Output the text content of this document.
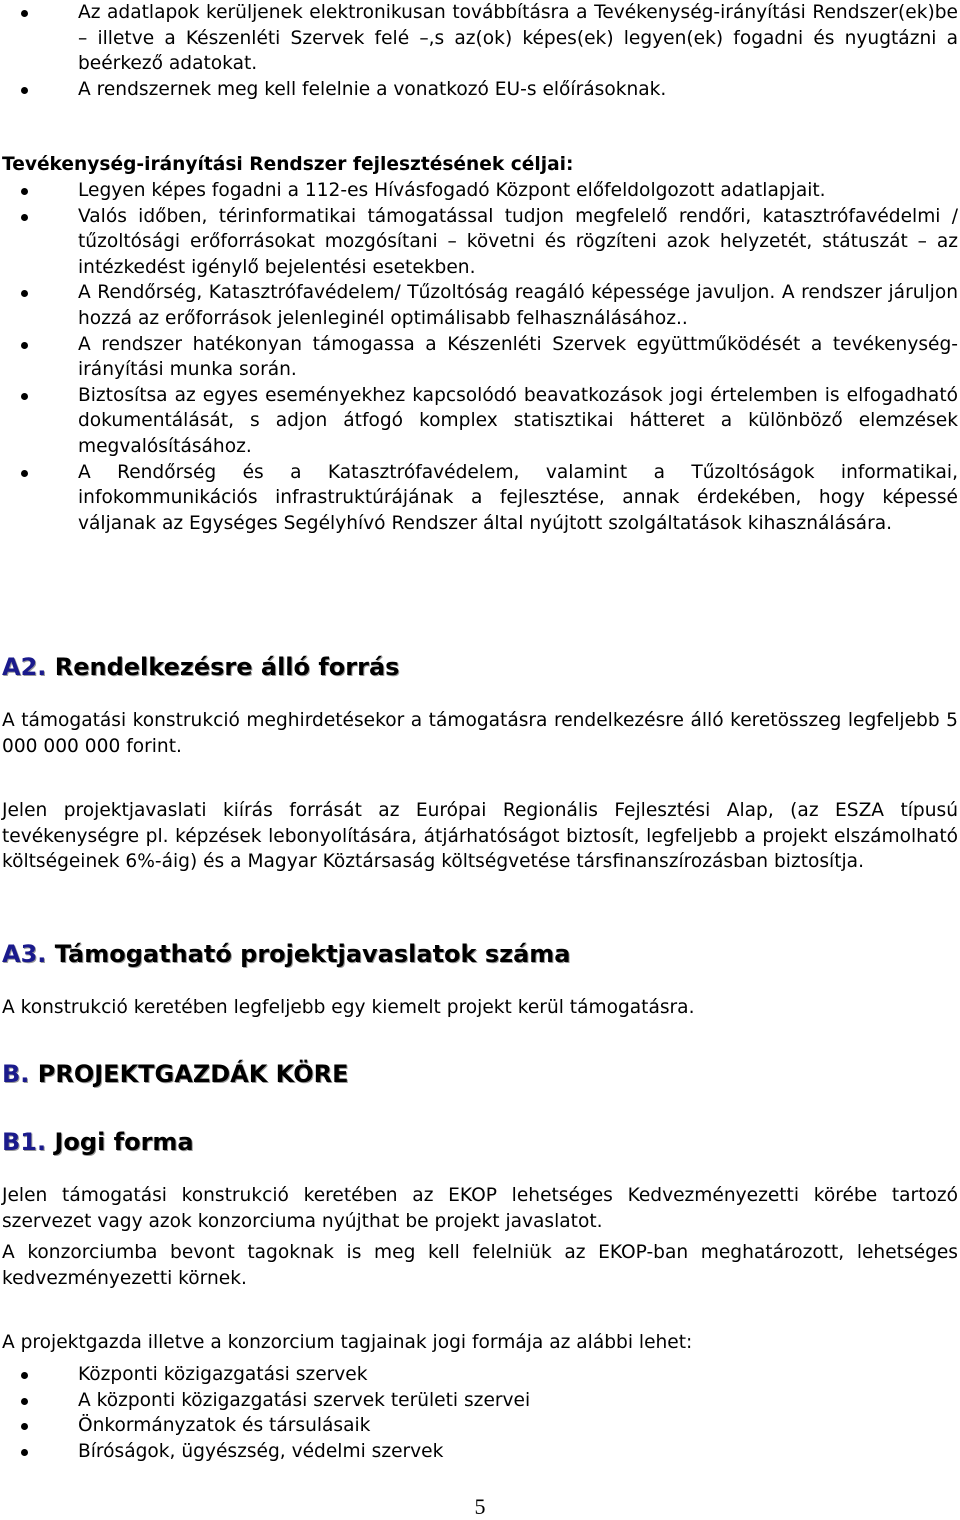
Az adatlapok kerüljenek elektronikusan továbbításra a Tevékenység-irányítási Rendszer(ek)be – illetve a Készenléti Szervek felé –,s az(ok) képes(ek) legyen(ek) fogadni és nyugtázni a beérkező adatokat.
A rendszernek meg kell felelnie a vonatkozó EU-s előírásoknak.

Tevékenység-irányítási Rendszer fejlesztésének céljai:

Legyen képes fogadni a 112-es Hívásfogadó Központ előfeldolgozott adatlapjait.
Valós időben, térinformatikai támogatással tudjon megfelelő rendőri, katasztrófavédelmi / tűzoltósági erőforrásokat mozgósítani – követni és rögzíteni azok helyzetét, státuszát – az intézkedést igénylő bejelentési esetekben.
A Rendőrség, Katasztrófavédelem/ Tűzoltóság reagáló képessége javuljon. A rendszer járuljon hozzá az erőforrások jelenleginél optimálisabb felhasználásához..
A rendszer hatékonyan támogassa a Készenléti Szervek együttműködését a tevékenység-irányítási munka során.
Biztosítsa az egyes eseményekhez kapcsolódó beavatkozások jogi értelemben is elfogadható dokumentálását, s adjon átfogó komplex statisztikai hátteret a különböző elemzések megvalósításához.
A Rendőrség és a Katasztrófavédelem, valamint a Tűzoltóságok informatikai, infokommunikációs infrastruktúrájának a fejlesztése, annak érdekében, hogy képessé váljanak az Egységes Segélyhívó Rendszer által nyújtott szolgáltatások kihasználására.
A2. Rendelkezésre álló forrás

A támogatási konstrukció meghirdetésekor a támogatásra rendelkezésre álló keretösszeg legfeljebb 5 000 000 000 forint.

Jelen projektjavaslati kiírás forrását az Európai Regionális Fejlesztési Alap, (az ESZA típusú tevékenységre pl. képzések lebonyolítására, átjárhatóságot biztosít, legfeljebb a projekt elszámolható költségeinek 6%-áig) és a Magyar Köztársaság költségvetése társfinanszírozásban biztosítja.

A3. Támogatható projektjavaslatok száma

A konstrukció keretében legfeljebb egy kiemelt projekt kerül támogatásra.

B. PROJEKTGAZDÁK KÖRE
B1. Jogi forma

Jelen támogatási konstrukció keretében az EKOP lehetséges Kedvezményezetti körébe tartozó szervezet vagy azok konzorciuma nyújthat be projekt javaslatot.

A konzorciumba bevont tagoknak is meg kell felelniük az EKOP-ban meghatározott, lehetséges kedvezményezetti körnek.

A projektgazda illetve a konzorcium tagjainak jogi formája az alábbi lehet:

Központi közigazgatási szervek
A központi közigazgatási szervek területi szervei
Önkormányzatok és társulásaik
Bíróságok, ügyészség, védelmi szervek
5
